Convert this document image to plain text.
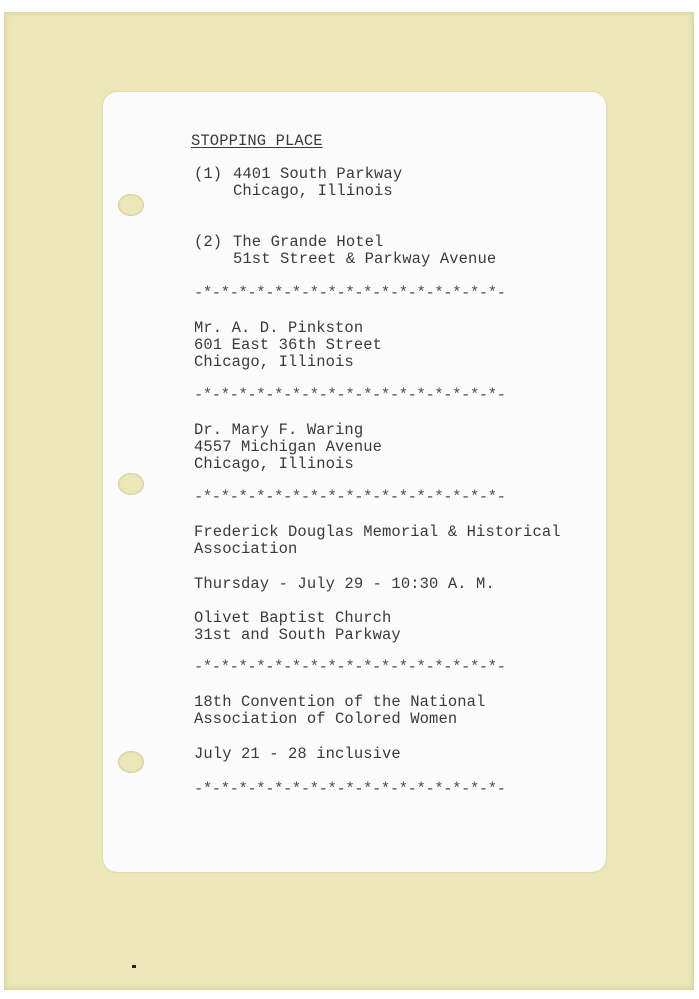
STOPPING PLACE

(1) 4401 South Parkway

Chicago, Illinois

(2) The Grande Hotel

51st Street & Parkway Avenue

-*-*-*-*-*-*-*-*-*-*-*-*-*-*-*-*-*-

Mr. A. D. Pinkston

601 East 36th Street

Chicago, Illinois

-*-*-*-*-*-*-*-*-*-*-*-*-*-*-*-*-*-

Dr. Mary F. Waring

4557 Michigan Avenue

Chicago, Illinois

-*-*-*-*-*-*-*-*-*-*-*-*-*-*-*-*-*-

Frederick Douglas Memorial & Historical

Association

Thursday - July 29 - 10:30 A. M.

Olivet Baptist Church

31st and South Parkway

-*-*-*-*-*-*-*-*-*-*-*-*-*-*-*-*-*-

18th Convention of the National

Association of Colored Women

July 21 - 28 inclusive

-*-*-*-*-*-*-*-*-*-*-*-*-*-*-*-*-*-
